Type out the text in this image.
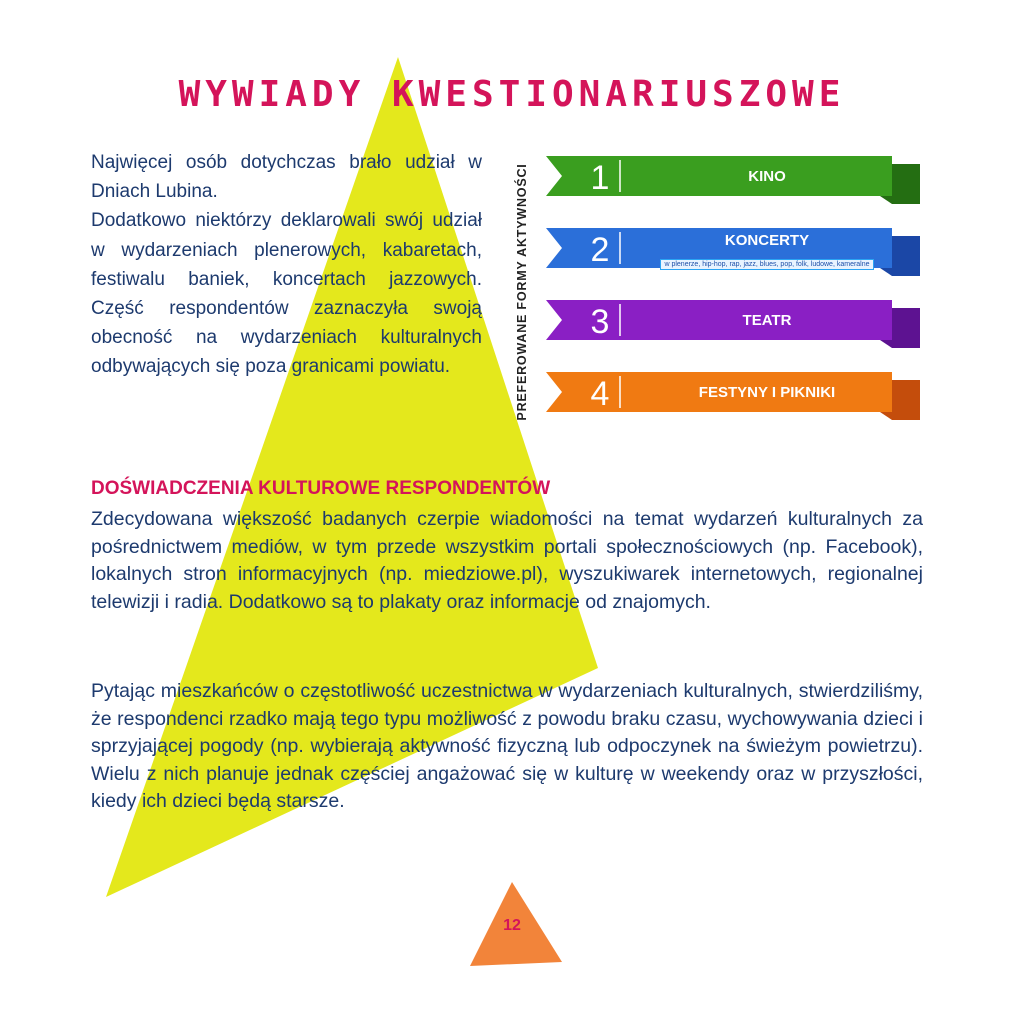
WYWIADY KWESTIONARIUSZOWE

Najwięcej osób dotychczas brało udział w Dniach Lubina.

Dodatkowo niektórzy deklarowali swój udział w wydarzeniach plenerowych, kabaretach, festiwalu baniek, koncertach jazzowych. Część respondentów zaznaczyła swoją obecność na wydarzeniach kulturalnych odbywających się poza granicami powiatu.	PREFEROWANE FORMY AKTYWNOŚCI 1	KINO
2	KONCERTY
w plenerze, hip-hop, rap, jazz, blues, pop, folk, ludowe, kameralne
3	TEATR
4	FESTYNY I PIKNIKI
DOŚWIADCZENIA KULTUROWE RESPONDENTÓW

Zdecydowana większość badanych czerpie wiadomości na temat wydarzeń kulturalnych za pośrednictwem mediów, w tym przede wszystkim portali społecznościowych (np. Facebook), lokalnych stron informacyjnych (np. miedziowe.pl), wyszukiwarek internetowych, regionalnej telewizji i radia. Dodatkowo są to plakaty oraz informacje od znajomych.

Pytając mieszkańców o częstotliwość uczestnictwa w wydarzeniach kulturalnych, stwierdziliśmy, że respondenci rzadko mają tego typu możliwość z powodu braku czasu, wychowywania dzieci i sprzyjającej pogody (np. wybierają aktywność fizyczną lub odpoczynek na świeżym powietrzu). Wielu z nich planuje jednak częściej angażować się w kulturę w weekendy oraz w przyszłości, kiedy ich dzieci będą starsze.

12
